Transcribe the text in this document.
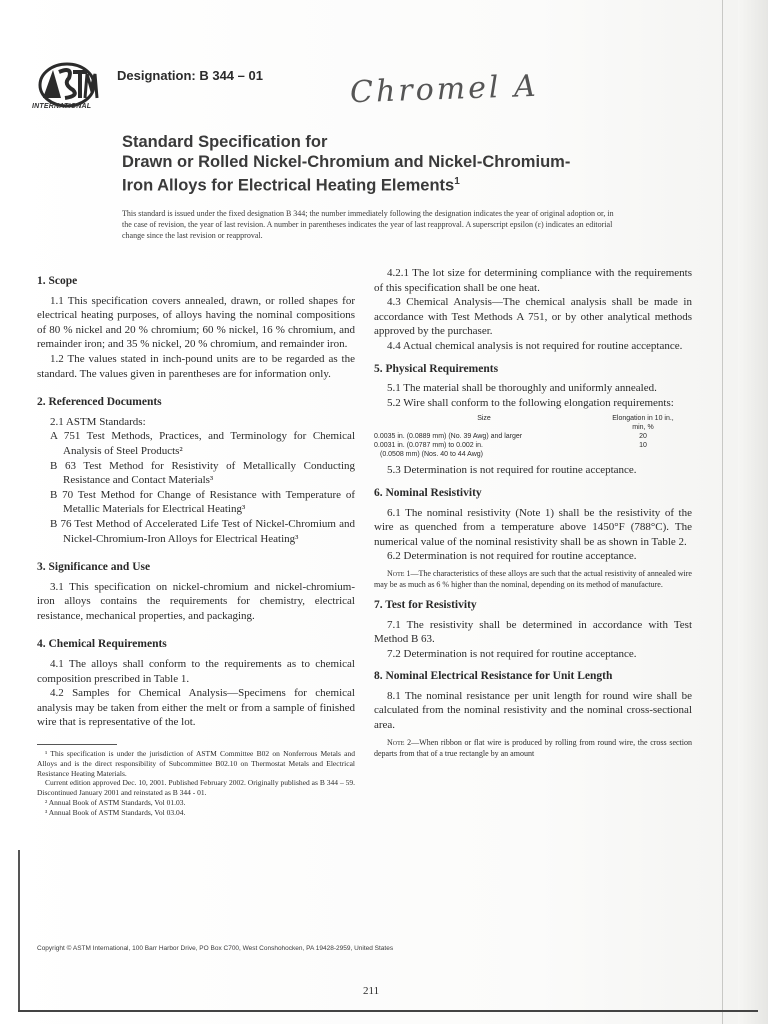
INTERNATIONAL
Designation: B 344 – 01	Chromel A
Standard Specification for
Drawn or Rolled Nickel-Chromium and Nickel-Chromium-
Iron Alloys for Electrical Heating Elements$^1$
This standard is issued under the fixed designation B 344; the number immediately following the designation indicates the year of original adoption or, in the case of revision, the year of last revision. A number in parentheses indicates the year of last reapproval. A superscript epsilon (ε) indicates an editorial change since the last revision or reapproval.
1. Scope

1.1 This specification covers annealed, drawn, or rolled shapes for electrical heating purposes, of alloys having the nominal compositions of 80 % nickel and 20 % chromium; 60 % nickel, 16 % chromium, and remainder iron; and 35 % nickel, 20 % chromium, and remainder iron.

1.2 The values stated in inch-pound units are to be regarded as the standard. The values given in parentheses are for information only.

2. Referenced Documents

2.1 ASTM Standards:

A 751 Test Methods, Practices, and Terminology for Chemical Analysis of Steel Products²

B 63 Test Method for Resistivity of Metallically Conducting Resistance and Contact Materials³

B 70 Test Method for Change of Resistance with Temperature of Metallic Materials for Electrical Heating³

B 76 Test Method of Accelerated Life Test of Nickel-Chromium and Nickel-Chromium-Iron Alloys for Electrical Heating³

3. Significance and Use

3.1 This specification on nickel-chromium and nickel-chromium-iron alloys contains the requirements for chemistry, electrical resistance, mechanical properties, and packaging.

4. Chemical Requirements

4.1 The alloys shall conform to the requirements as to chemical composition prescribed in Table 1.

4.2 Samples for Chemical Analysis—Specimens for chemical analysis may be taken from either the melt or from a sample of finished wire that is representative of the lot.

¹ This specification is under the jurisdiction of ASTM Committee B02 on Nonferrous Metals and Alloys and is the direct responsibility of Subcommittee B02.10 on Thermostat Metals and Electrical Resistance Heating Materials.
Current edition approved Dec. 10, 2001. Published February 2002. Originally published as B 344 – 59. Discontinued January 2001 and reinstated as B 344 - 01.
² Annual Book of ASTM Standards, Vol 01.03.
³ Annual Book of ASTM Standards, Vol 03.04.

4.2.1 The lot size for determining compliance with the requirements of this specification shall be one heat.

4.3 Chemical Analysis—The chemical analysis shall be made in accordance with Test Methods A 751, or by other analytical methods approved by the purchaser.

4.4 Actual chemical analysis is not required for routine acceptance.

5. Physical Requirements

5.1 The material shall be thoroughly and uniformly annealed.

5.2 Wire shall conform to the following elongation requirements:

Size	Elongation in 10 in.,
min, %

0.0035 in. (0.0889 mm) (No. 39 Awg) and larger	20
0.0031 in. (0.0787 mm) to 0.002 in.	10
(0.0508 mm) (Nos. 40 to 44 Awg)	

5.3 Determination is not required for routine acceptance.

6. Nominal Resistivity

6.1 The nominal resistivity (Note 1) shall be the resistivity of the wire as quenched from a temperature above 1450°F (788°C). The numerical value of the nominal resistivity shall be as shown in Table 2.

6.2 Determination is not required for routine acceptance.

Note 1—The characteristics of these alloys are such that the actual resistivity of annealed wire may be as much as 6 % higher than the nominal, depending on its method of manufacture.
7. Test for Resistivity

7.1 The resistivity shall be determined in accordance with Test Method B 63.

7.2 Determination is not required for routine acceptance.

8. Nominal Electrical Resistance for Unit Length

8.1 The nominal resistance per unit length for round wire shall be calculated from the nominal resistivity and the nominal cross-sectional area.

Note 2—When ribbon or flat wire is produced by rolling from round wire, the cross section departs from that of a true rectangle by an amount
Copyright © ASTM International, 100 Barr Harbor Drive, PO Box C700, West Conshohocken, PA 19428-2959, United States
211
